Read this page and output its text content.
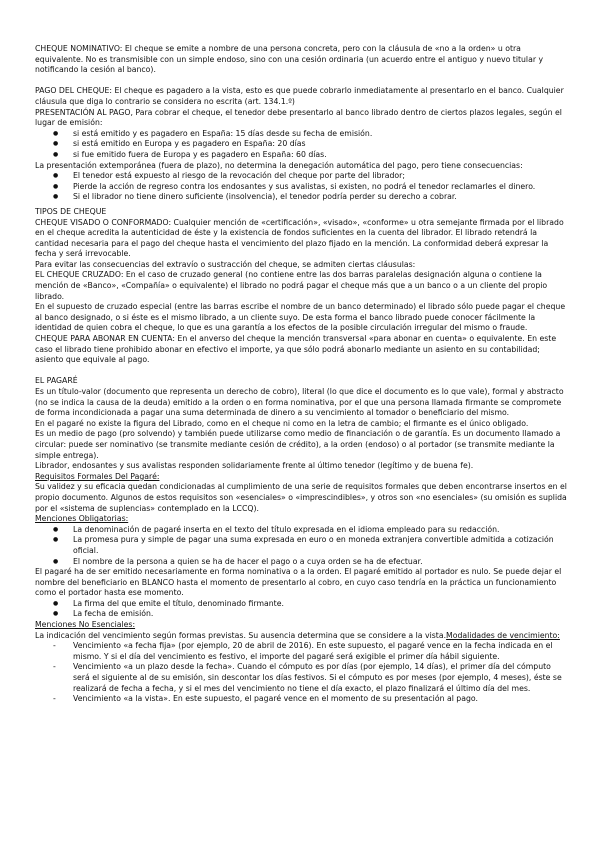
CHEQUE NOMINATIVO: El cheque se emite a nombre de una persona concreta, pero con la cláusula de «no a la orden» u otra equivalente. No es transmisible con un simple endoso, sino con una cesión ordinaria (un acuerdo entre el antiguo y nuevo titular y notificando la cesión al banco).

PAGO DEL CHEQUE: El cheque es pagadero a la vista, esto es que puede cobrarlo inmediatamente al presentarlo en el banco. Cualquier cláusula que diga lo contrario se considera no escrita (art. 134.1.º)

PRESENTACIÓN AL PAGO, Para cobrar el cheque, el tenedor debe presentarlo al banco librado dentro de ciertos plazos legales, según el lugar de emisión:

● si está emitido y es pagadero en España: 15 días desde su fecha de emisión.
● si está emitido en Europa y es pagadero en España: 20 días
● si fue emitido fuera de Europa y es pagadero en España: 60 días.

La presentación extemporánea (fuera de plazo), no determina la denegación automática del pago, pero tiene consecuencias:

● El tenedor está expuesto al riesgo de la revocación del cheque por parte del librador;
● Pierde la acción de regreso contra los endosantes y sus avalistas, si existen, no podrá el tenedor reclamarles el dinero.
● Si el librador no tiene dinero suficiente (insolvencia), el tenedor podría perder su derecho a cobrar.

TIPOS DE CHEQUE

CHEQUE VISADO O CONFORMADO: Cualquier mención de «certificación», «visado», «conforme» u otra semejante firmada por el librado en el cheque acredita la autenticidad de éste y la existencia de fondos suficientes en la cuenta del librador. El librado retendrá la cantidad necesaria para el pago del cheque hasta el vencimiento del plazo fijado en la mención. La conformidad deberá expresar la fecha y será irrevocable.

Para evitar las consecuencias del extravío o sustracción del cheque, se admiten ciertas cláusulas:

EL CHEQUE CRUZADO: En el caso de cruzado general (no contiene entre las dos barras paralelas designación alguna o contiene la mención de «Banco», «Compañía» o equivalente) el librado no podrá pagar el cheque más que a un banco o a un cliente del propio librado.

En el supuesto de cruzado especial (entre las barras escribe el nombre de un banco determinado) el librado sólo puede pagar el cheque al banco designado, o si éste es el mismo librado, a un cliente suyo. De esta forma el banco librado puede conocer fácilmente la identidad de quien cobra el cheque, lo que es una garantía a los efectos de la posible circulación irregular del mismo o fraude.

CHEQUE PARA ABONAR EN CUENTA: En el anverso del cheque la mención transversal «para abonar en cuenta» o equivalente. En este caso el librado tiene prohibido abonar en efectivo el importe, ya que sólo podrá abonarlo mediante un asiento en su contabilidad; asiento que equivale al pago.

EL PAGARÉ

Es un título-valor (documento que representa un derecho de cobro), literal (lo que dice el documento es lo que vale), formal y abstracto (no se indica la causa de la deuda) emitido a la orden o en forma nominativa, por el que una persona llamada firmante se compromete de forma incondicionada a pagar una suma determinada de dinero a su vencimiento al tomador o beneficiario del mismo.

En el pagaré no existe la figura del Librado, como en el cheque ni como en la letra de cambio; el firmante es el único obligado.

Es un medio de pago (pro solvendo) y también puede utilizarse como medio de financiación o de garantía. Es un documento llamado a circular: puede ser nominativo (se transmite mediante cesión de crédito), a la orden (endoso) o al portador (se transmite mediante la simple entrega).

Librador, endosantes y sus avalistas responden solidariamente frente al último tenedor (legítimo y de buena fe).

Requisitos Formales Del Pagaré:

Su validez y su eficacia quedan condicionadas al cumplimiento de una serie de requisitos formales que deben encontrarse insertos en el propio documento. Algunos de estos requisitos son «esenciales» o «imprescindibles», y otros son «no esenciales» (su omisión es suplida por el «sistema de suplencias» contemplado en la LCCQ).

Menciones Obligatorias:

● La denominación de pagaré inserta en el texto del título expresada en el idioma empleado para su redacción.
● La promesa pura y simple de pagar una suma expresada en euro o en moneda extranjera convertible admitida a cotización oficial.
● El nombre de la persona a quien se ha de hacer el pago o a cuya orden se ha de efectuar.

El pagaré ha de ser emitido necesariamente en forma nominativa o a la orden. El pagaré emitido al portador es nulo. Se puede dejar el nombre del beneficiario en BLANCO hasta el momento de presentarlo al cobro, en cuyo caso tendría en la práctica un funcionamiento como el portador hasta ese momento.

● La firma del que emite el título, denominado firmante.
● La fecha de emisión.

Menciones No Esenciales:

La indicación del vencimiento según formas previstas. Su ausencia determina que se considere a la vista.Modalidades de vencimiento:

- Vencimiento «a fecha fija» (por ejemplo, 20 de abril de 2016). En este supuesto, el pagaré vence en la fecha indicada en el mismo. Y si el día del vencimiento es festivo, el importe del pagaré será exigible el primer día hábil siguiente.
- Vencimiento «a un plazo desde la fecha». Cuando el cómputo es por días (por ejemplo, 14 días), el primer día del cómputo será el siguiente al de su emisión, sin descontar los días festivos. Si el cómputo es por meses (por ejemplo, 4 meses), éste se realizará de fecha a fecha, y si el mes del vencimiento no tiene el día exacto, el plazo finalizará el último día del mes.
- Vencimiento «a la vista». En este supuesto, el pagaré vence en el momento de su presentación al pago.
